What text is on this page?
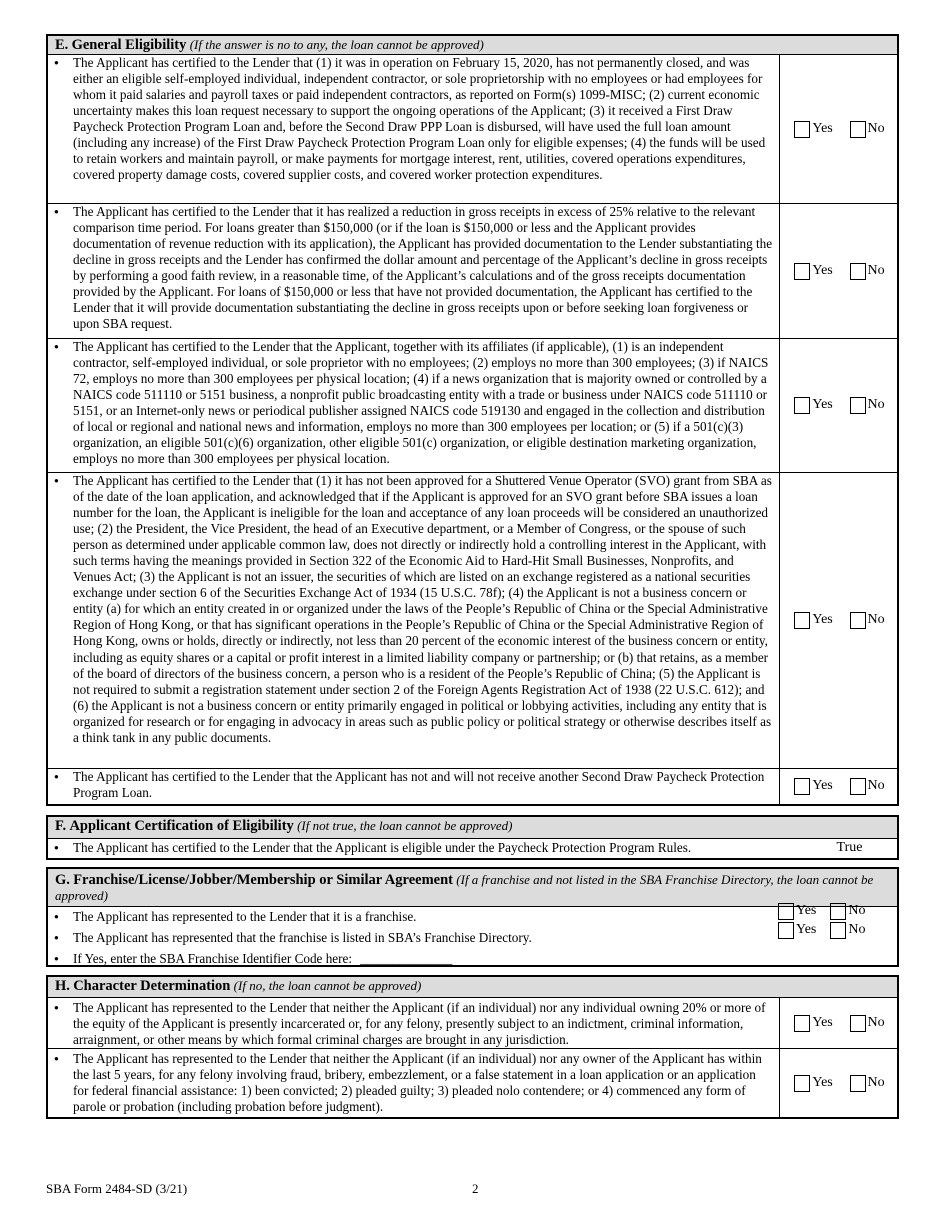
E. General Eligibility (If the answer is no to any, the loan cannot be approved)
●
The Applicant has certified to the Lender that (1) it was in operation on February 15, 2020, has not permanently closed, and was either an eligible self-employed individual, independent contractor, or sole proprietorship with no employees or had employees for whom it paid salaries and payroll taxes or paid independent contractors, as reported on Form(s) 1099-MISC; (2) current economic uncertainty makes this loan request necessary to support the ongoing operations of the Applicant; (3) it received a First Draw Paycheck Protection Program Loan and, before the Second Draw PPP Loan is disbursed, will have used the full loan amount (including any increase) of the First Draw Paycheck Protection Program Loan only for eligible expenses; (4) the funds will be used to retain workers and maintain payroll, or make payments for mortgage interest, rent, utilities, covered operations expenditures, covered property damage costs, covered supplier costs, and covered worker protection expenditures.
Yes No
●
The Applicant has certified to the Lender that it has realized a reduction in gross receipts in excess of 25% relative to the relevant comparison time period. For loans greater than $150,000 (or if the loan is $150,000 or less and the Applicant provides documentation of revenue reduction with its application), the Applicant has provided documentation to the Lender substantiating the decline in gross receipts and the Lender has confirmed the dollar amount and percentage of the Applicant’s decline in gross receipts by performing a good faith review, in a reasonable time, of the Applicant’s calculations and of the gross receipts documentation provided by the Applicant. For loans of $150,000 or less that have not provided documentation, the Applicant has certified to the Lender that it will provide documentation substantiating the decline in gross receipts upon or before seeking loan forgiveness or upon SBA request.
Yes No
●
The Applicant has certified to the Lender that the Applicant, together with its affiliates (if applicable), (1) is an independent contractor, self-employed individual, or sole proprietor with no employees; (2) employs no more than 300 employees; (3) if NAICS 72, employs no more than 300 employees per physical location; (4) if a news organization that is majority owned or controlled by a NAICS code 511110 or 5151 business, a nonprofit public broadcasting entity with a trade or business under NAICS code 511110 or 5151, or an Internet-only news or periodical publisher assigned NAICS code 519130 and engaged in the collection and distribution of local or regional and national news and information, employs no more than 300 employees per location; or (5) if a 501(c)(3) organization, an eligible 501(c)(6) organization, other eligible 501(c) organization, or eligible destination marketing organization, employs no more than 300 employees per physical location.
Yes No
●
The Applicant has certified to the Lender that (1) it has not been approved for a Shuttered Venue Operator (SVO) grant from SBA as of the date of the loan application, and acknowledged that if the Applicant is approved for an SVO grant before SBA issues a loan number for the loan, the Applicant is ineligible for the loan and acceptance of any loan proceeds will be considered an unauthorized use; (2) the President, the Vice President, the head of an Executive department, or a Member of Congress, or the spouse of such person as determined under applicable common law, does not directly or indirectly hold a controlling interest in the Applicant, with such terms having the meanings provided in Section 322 of the Economic Aid to Hard-Hit Small Businesses, Nonprofits, and Venues Act; (3) the Applicant is not an issuer, the securities of which are listed on an exchange registered as a national securities exchange under section 6 of the Securities Exchange Act of 1934 (15 U.S.C. 78f); (4) the Applicant is not a business concern or entity (a) for which an entity created in or organized under the laws of the People’s Republic of China or the Special Administrative Region of Hong Kong, or that has significant operations in the People’s Republic of China or the Special Administrative Region of Hong Kong, owns or holds, directly or indirectly, not less than 20 percent of the economic interest of the business concern or entity, including as equity shares or a capital or profit interest in a limited liability company or partnership; or (b) that retains, as a member of the board of directors of the business concern, a person who is a resident of the People’s Republic of China; (5) the Applicant is not required to submit a registration statement under section 2 of the Foreign Agents Registration Act of 1938 (22 U.S.C. 612); and (6) the Applicant is not a business concern or entity primarily engaged in political or lobbying activities, including any entity that is organized for research or for engaging in advocacy in areas such as public policy or political strategy or otherwise describes itself as a think tank in any public documents.
Yes No
●
The Applicant has certified to the Lender that the Applicant has not and will not receive another Second Draw Paycheck Protection Program Loan.	Yes No
F. Applicant Certification of Eligibility (If not true, the loan cannot be approved)
●
The Applicant has certified to the Lender that the Applicant is eligible under the Paycheck Protection Program Rules.	True
G. Franchise/License/Jobber/Membership or Similar Agreement (If a franchise and not listed in the SBA Franchise Directory, the loan cannot be approved)
●
The Applicant has represented to the Lender that it is a franchise.
●
The Applicant has represented that the franchise is listed in SBA’s Franchise Directory.
●
If Yes, enter the SBA Franchise Identifier Code here: ______________
Yes No
Yes No
H. Character Determination (If no, the loan cannot be approved)
●
The Applicant has represented to the Lender that neither the Applicant (if an individual) nor any individual owning 20% or more of the equity of the Applicant is presently incarcerated or, for any felony, presently subject to an indictment, criminal information, arraignment, or other means by which formal criminal charges are brought in any jurisdiction.
Yes No
●
The Applicant has represented to the Lender that neither the Applicant (if an individual) nor any owner of the Applicant has within the last 5 years, for any felony involving fraud, bribery, embezzlement, or a false statement in a loan application or an application for federal financial assistance: 1) been convicted; 2) pleaded guilty; 3) pleaded nolo contendere; or 4) commenced any form of parole or probation (including probation before judgment).
Yes No
SBA Form 2484-SD (3/21)	2
